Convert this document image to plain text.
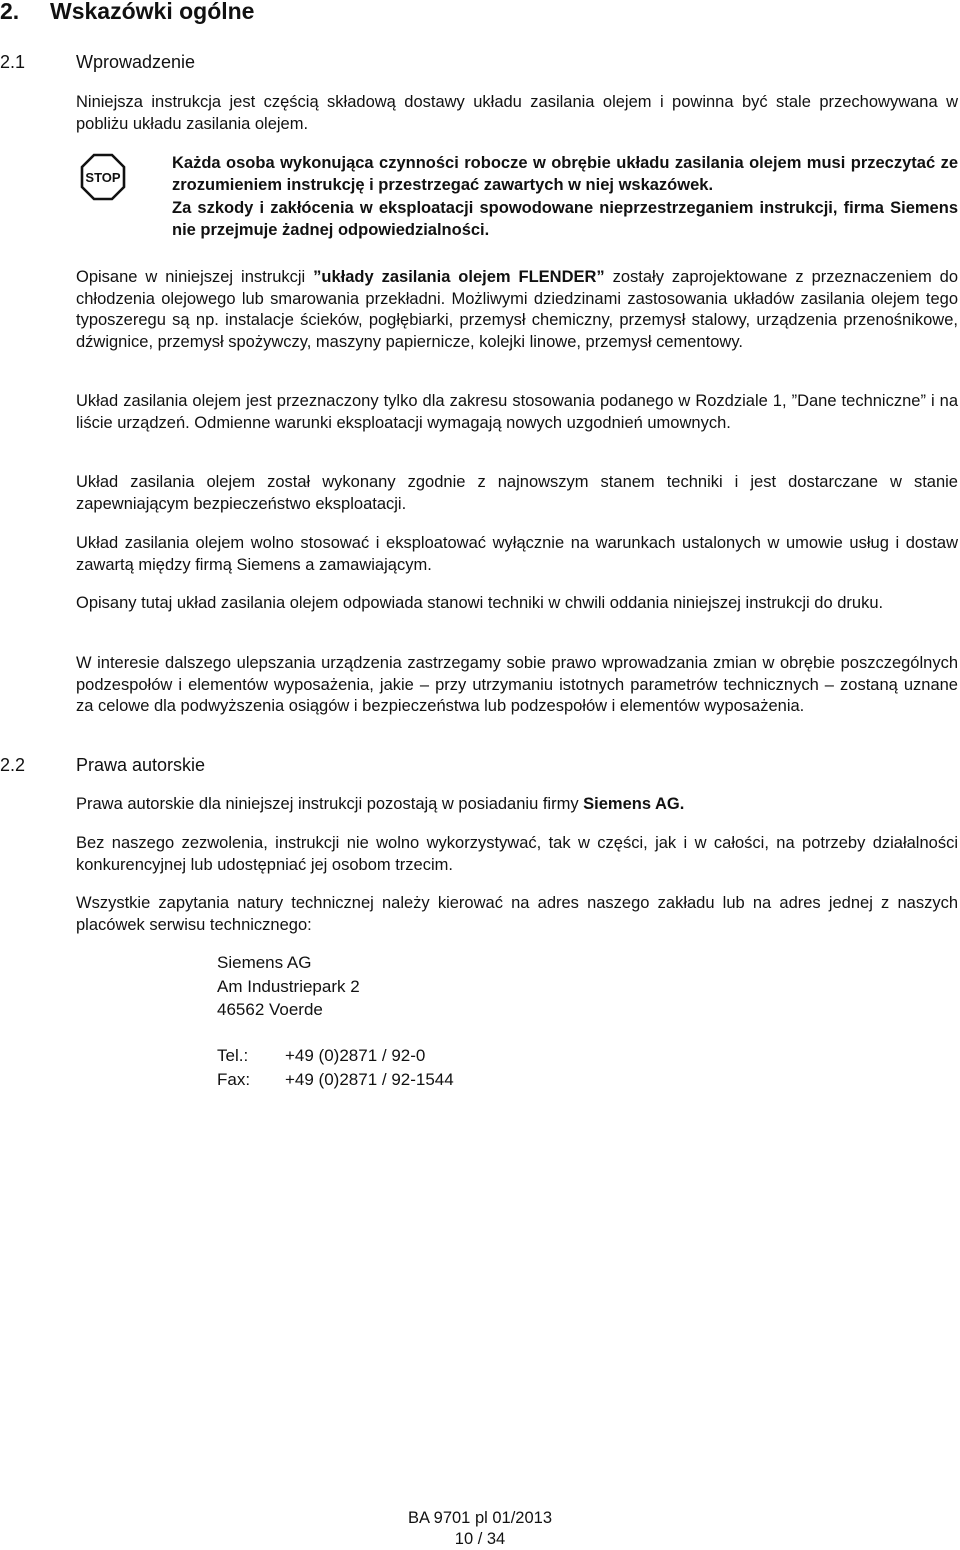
2. Wskazówki ogólne
2.1	Wprowadzenie
Niniejsza instrukcja jest częścią składową dostawy układu zasilania olejem i powinna być stale przechowywana w pobliżu układu zasilania olejem.
STOP
Każda osoba wykonująca czynności robocze w obrębie układu zasilania olejem musi przeczytać ze zrozumieniem instrukcję i przestrzegać zawartych w niej wskazówek.
Za szkody i zakłócenia w eksploatacji spowodowane nieprzestrzeganiem instrukcji, firma Siemens nie przejmuje żadnej odpowiedzialności.
Opisane w niniejszej instrukcji ”układy zasilania olejem FLENDER” zostały zaprojektowane z przeznaczeniem do chłodzenia olejowego lub smarowania przekładni. Możliwymi dziedzinami zastosowania układów zasilania olejem tego typoszeregu są np. instalacje ścieków, pogłębiarki, przemysł chemiczny, przemysł stalowy, urządzenia przenośnikowe, dźwignice, przemysł spożywczy, maszyny papiernicze, kolejki linowe, przemysł cementowy.
Układ zasilania olejem jest przeznaczony tylko dla zakresu stosowania podanego w Rozdziale 1, ”Dane techniczne” i na liście urządzeń. Odmienne warunki eksploatacji wymagają nowych uzgodnień umownych.
Układ zasilania olejem został wykonany zgodnie z najnowszym stanem techniki i jest dostarczane w stanie zapewniającym bezpieczeństwo eksploatacji.
Układ zasilania olejem wolno stosować i eksploatować wyłącznie na warunkach ustalonych w umowie usług i dostaw zawartą między firmą Siemens a zamawiającym.
Opisany tutaj układ zasilania olejem odpowiada stanowi techniki w chwili oddania niniejszej instrukcji do druku.
W interesie dalszego ulepszania urządzenia zastrzegamy sobie prawo wprowadzania zmian w obrębie poszczególnych podzespołów i elementów wyposażenia, jakie – przy utrzymaniu istotnych parametrów technicznych – zostaną uznane za celowe dla podwyższenia osiągów i bezpieczeństwa lub podzespołów i elementów wyposażenia.
2.2	Prawa autorskie
Prawa autorskie dla niniejszej instrukcji pozostają w posiadaniu firmy Siemens AG.
Bez naszego zezwolenia, instrukcji nie wolno wykorzystywać, tak w części, jak i w całości, na potrzeby działalności konkurencyjnej lub udostępniać jej osobom trzecim.
Wszystkie zapytania natury technicznej należy kierować na adres naszego zakładu lub na adres jednej z naszych placówek serwisu technicznego:
Siemens AG
Am Industriepark 2
46562 Voerde
Tel.: +49 (0)2871 / 92-0
Fax: +49 (0)2871 / 92-1544
BA 9701 pl 01/2013
10 / 34
